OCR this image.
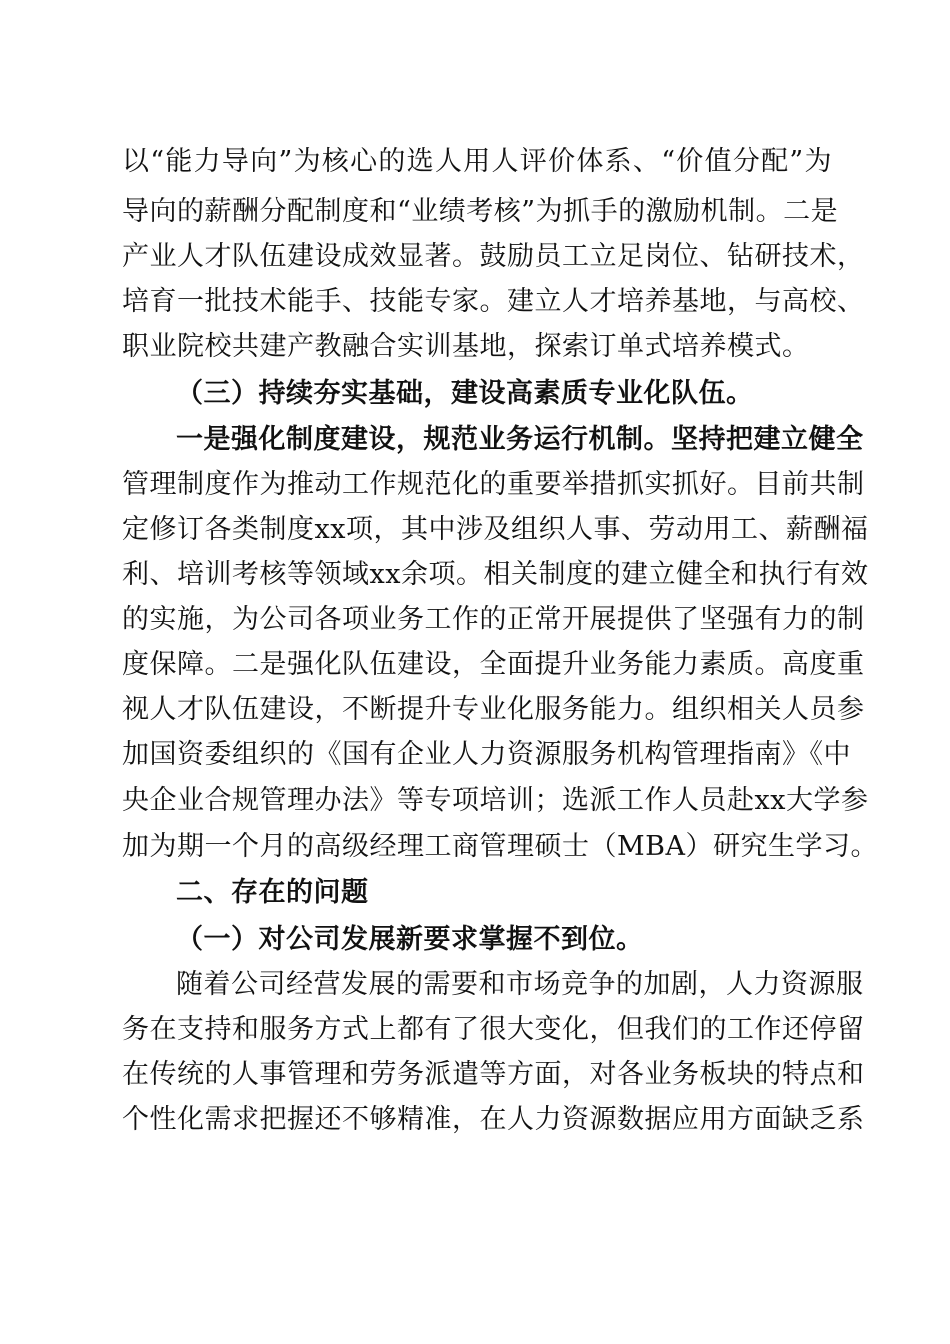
以“能力导向”为核心的选人用人评价体系、“价值分配”为
导向的薪酬分配制度和“业绩考核”为抓手的激励机制。二是
产业人才队伍建设成效显著。鼓励员工立足岗位、钻研技术，
培育一批技术能手、技能专家。建立人才培养基地，与高校、
职业院校共建产教融合实训基地，探索订单式培养模式。
（三）持续夯实基础，建设高素质专业化队伍。
一是强化制度建设，规范业务运行机制。坚持把建立健全
管理制度作为推动工作规范化的重要举措抓实抓好。目前共制
定修订各类制度xx项，其中涉及组织人事、劳动用工、薪酬福
利、培训考核等领域xx余项。相关制度的建立健全和执行有效
的实施，为公司各项业务工作的正常开展提供了坚强有力的制
度保障。二是强化队伍建设，全面提升业务能力素质。高度重
视人才队伍建设，不断提升专业化服务能力。组织相关人员参
加国资委组织的《国有企业人力资源服务机构管理指南》《中
央企业合规管理办法》等专项培训；选派工作人员赴xx大学参
加为期一个月的高级经理工商管理硕士（MBA）研究生学习。
二、存在的问题
（一）对公司发展新要求掌握不到位。
随着公司经营发展的需要和市场竞争的加剧，人力资源服
务在支持和服务方式上都有了很大变化，但我们的工作还停留
在传统的人事管理和劳务派遣等方面，对各业务板块的特点和
个性化需求把握还不够精准，在人力资源数据应用方面缺乏系
